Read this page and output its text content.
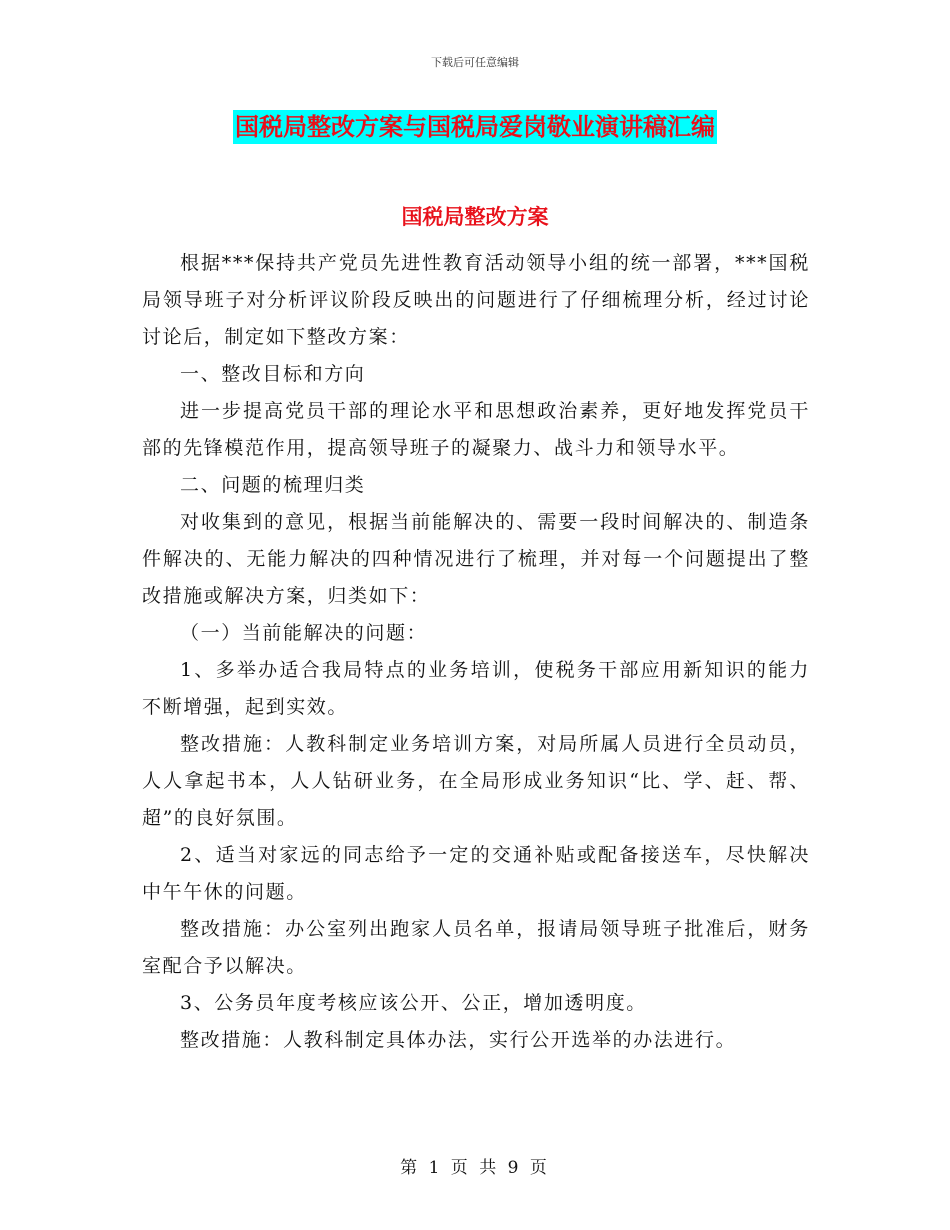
下载后可任意编辑
国税局整改方案与国税局爱岗敬业演讲稿汇编
国税局整改方案

根据***保持共产党员先进性教育活动领导小组的统一部署，***国税局领导班子对分析评议阶段反映出的问题进行了仔细梳理分析，经过讨论讨论后，制定如下整改方案：

一、整改目标和方向

进一步提高党员干部的理论水平和思想政治素养，更好地发挥党员干部的先锋模范作用，提高领导班子的凝聚力、战斗力和领导水平。

二、问题的梳理归类

对收集到的意见，根据当前能解决的、需要一段时间解决的、制造条件解决的、无能力解决的四种情况进行了梳理，并对每一个问题提出了整改措施或解决方案，归类如下：

（一）当前能解决的问题：

1、多举办适合我局特点的业务培训，使税务干部应用新知识的能力不断增强，起到实效。

整改措施：人教科制定业务培训方案，对局所属人员进行全员动员，人人拿起书本，人人钻研业务，在全局形成业务知识“比、学、赶、帮、超”的良好氛围。

2、适当对家远的同志给予一定的交通补贴或配备接送车，尽快解决中午午休的问题。

整改措施：办公室列出跑家人员名单，报请局领导班子批准后，财务室配合予以解决。

3、公务员年度考核应该公开、公正，增加透明度。

整改措施：人教科制定具体办法，实行公开选举的办法进行。

第 1 页 共 9 页
